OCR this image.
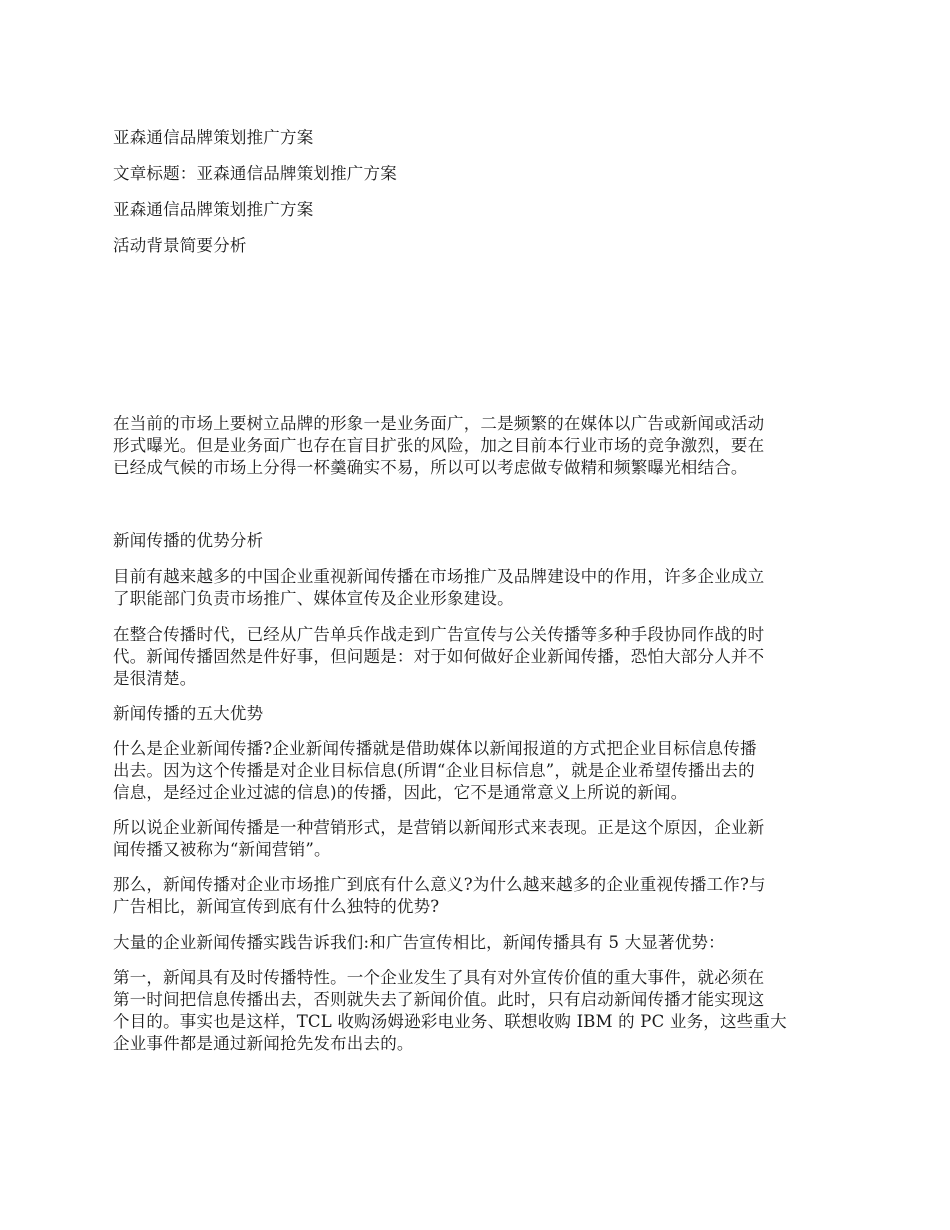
亚森通信品牌策划推广方案

文章标题：亚森通信品牌策划推广方案

亚森通信品牌策划推广方案

活动背景简要分析

在当前的市场上要树立品牌的形象一是业务面广，二是频繁的在媒体以广告或新闻或活动
形式曝光。但是业务面广也存在盲目扩张的风险，加之目前本行业市场的竞争激烈，要在
已经成气候的市场上分得一杯羹确实不易，所以可以考虑做专做精和频繁曝光相结合。

新闻传播的优势分析

目前有越来越多的中国企业重视新闻传播在市场推广及品牌建设中的作用，许多企业成立
了职能部门负责市场推广、媒体宣传及企业形象建设。

在整合传播时代，已经从广告单兵作战走到广告宣传与公关传播等多种手段协同作战的时
代。新闻传播固然是件好事，但问题是：对于如何做好企业新闻传播，恐怕大部分人并不
是很清楚。

新闻传播的五大优势

什么是企业新闻传播?企业新闻传播就是借助媒体以新闻报道的方式把企业目标信息传播
出去。因为这个传播是对企业目标信息(所谓“企业目标信息”，就是企业希望传播出去的
信息，是经过企业过滤的信息)的传播，因此，它不是通常意义上所说的新闻。

所以说企业新闻传播是一种营销形式，是营销以新闻形式来表现。正是这个原因，企业新
闻传播又被称为“新闻营销”。

那么，新闻传播对企业市场推广到底有什么意义?为什么越来越多的企业重视传播工作?与
广告相比，新闻宣传到底有什么独特的优势?

大量的企业新闻传播实践告诉我们:和广告宣传相比，新闻传播具有 5 大显著优势：

第一，新闻具有及时传播特性。一个企业发生了具有对外宣传价值的重大事件，就必须在
第一时间把信息传播出去，否则就失去了新闻价值。此时，只有启动新闻传播才能实现这
个目的。事实也是这样，TCL 收购汤姆逊彩电业务、联想收购 IBM 的 PC 业务，这些重大
企业事件都是通过新闻抢先发布出去的。
